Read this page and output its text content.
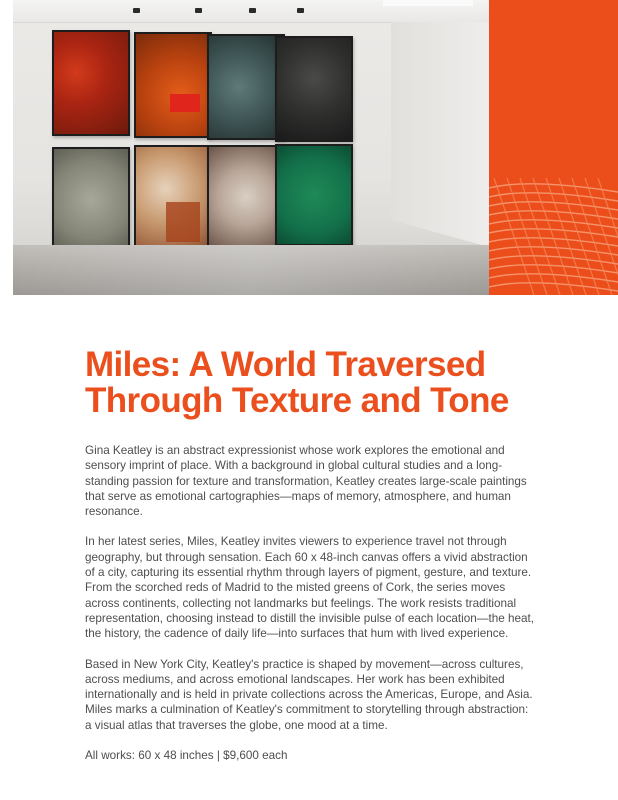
Miles: A World Traversed Through Texture and Tone

Gina Keatley is an abstract expressionist whose work explores the emotional and sensory imprint of place. With a background in global cultural studies and a long-standing passion for texture and transformation, Keatley creates large-scale paintings that serve as emotional cartographies—maps of memory, atmosphere, and human resonance.

In her latest series, Miles, Keatley invites viewers to experience travel not through geography, but through sensation. Each 60 x 48-inch canvas offers a vivid abstraction of a city, capturing its essential rhythm through layers of pigment, gesture, and texture. From the scorched reds of Madrid to the misted greens of Cork, the series moves across continents, collecting not landmarks but feelings. The work resists traditional representation, choosing instead to distill the invisible pulse of each location—the heat, the history, the cadence of daily life—into surfaces that hum with lived experience.

Based in New York City, Keatley's practice is shaped by movement—across cultures, across mediums, and across emotional landscapes. Her work has been exhibited internationally and is held in private collections across the Americas, Europe, and Asia. Miles marks a culmination of Keatley's commitment to storytelling through abstraction: a visual atlas that traverses the globe, one mood at a time.

All works: 60 x 48 inches | $9,600 each
